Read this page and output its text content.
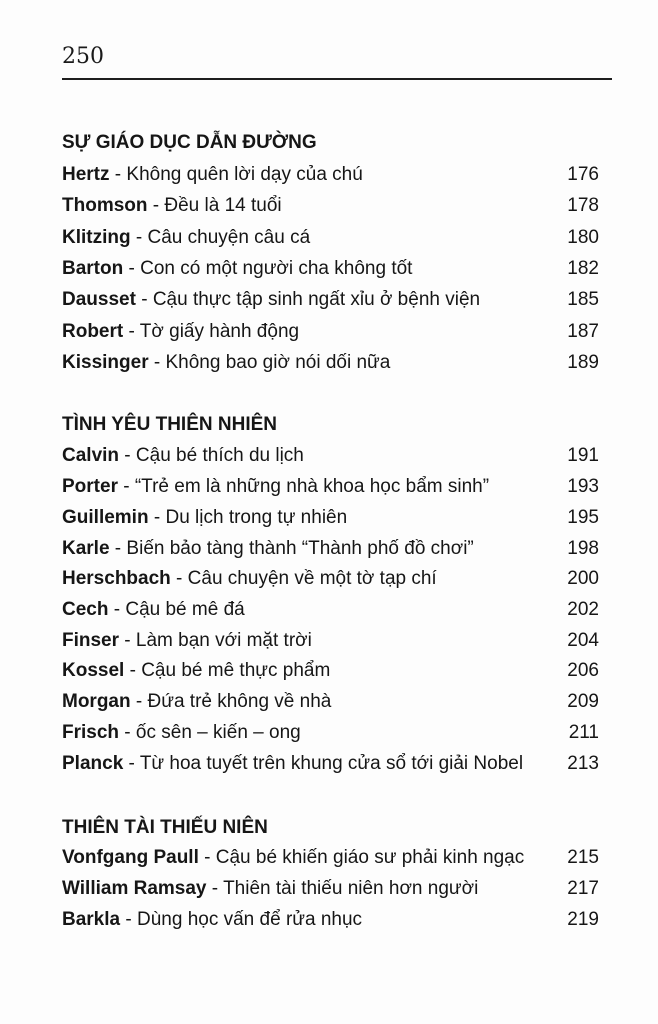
250
SỰ GIÁO DỤC DẪN ĐƯỜNG
Hertz - Không quên lời dạy của chú	176
Thomson - Đều là 14 tuổi	178
Klitzing - Câu chuyện câu cá	180
Barton - Con có một người cha không tốt	182
Dausset - Cậu thực tập sinh ngất xỉu ở bệnh viện	185
Robert - Tờ giấy hành động	187
Kissinger - Không bao giờ nói dối nữa	189
TÌNH YÊU THIÊN NHIÊN
Calvin - Cậu bé thích du lịch	191
Porter - “Trẻ em là những nhà khoa học bẩm sinh”	193
Guillemin - Du lịch trong tự nhiên	195
Karle - Biến bảo tàng thành “Thành phố đồ chơi”	198
Herschbach - Câu chuyện về một tờ tạp chí	200
Cech - Cậu bé mê đá	202
Finser - Làm bạn với mặt trời	204
Kossel - Cậu bé mê thực phẩm	206
Morgan - Đứa trẻ không về nhà	209
Frisch - ốc sên – kiến – ong	211
Planck - Từ hoa tuyết trên khung cửa sổ tới giải Nobel 213
THIÊN TÀI THIẾU NIÊN
Vonfgang Paull - Cậu bé khiến giáo sư phải kinh ngạc 215
William Ramsay - Thiên tài thiếu niên hơn người	217
Barkla - Dùng học vấn để rửa nhục	219
